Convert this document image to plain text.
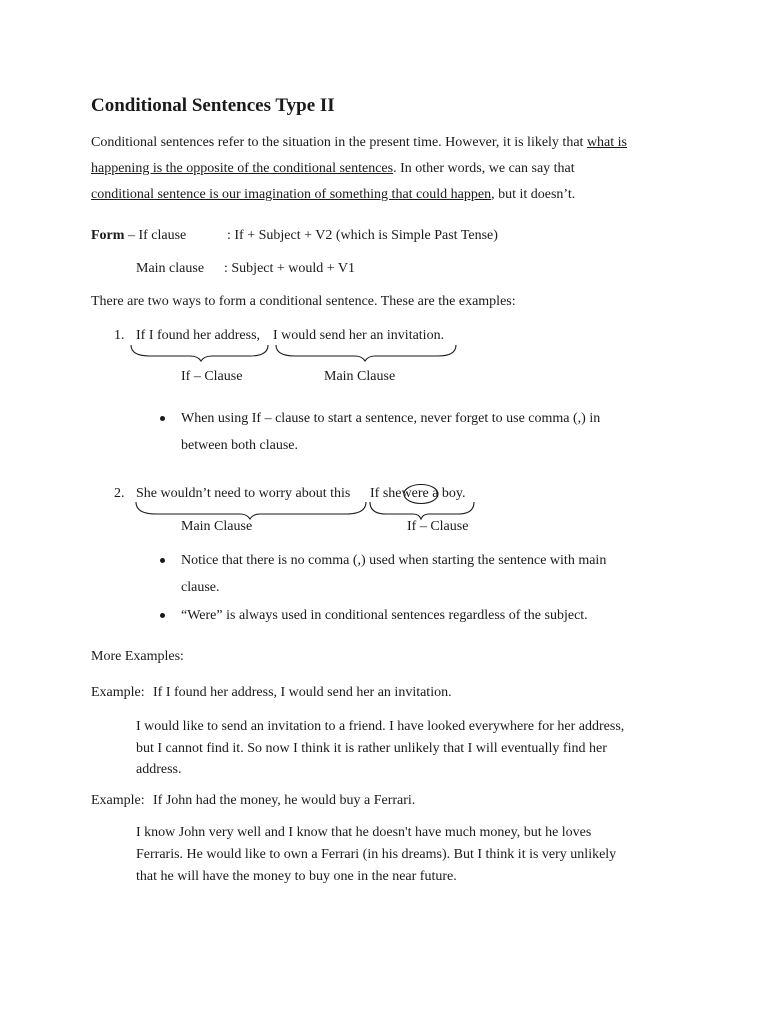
Conditional Sentences Type II
Conditional sentences refer to the situation in the present time. However, it is likely that what is
happening is the opposite of the conditional sentences. In other words, we can say that
conditional sentence is our imagination of something that could happen, but it doesn’t.
Form – If clause	: If + Subject + V2 (which is Simple Past Tense)
Main clause : Subject + would + V1
There are two ways to form a conditional sentence. These are the examples:
1. If I found her address, I would send her an invitation.
If – Clause	Main Clause
When using If – clause to start a sentence, never forget to use comma (,) in
between both clause.
2. She wouldn’t need to worry about this If shewere a boy.
Main Clause	If – Clause
Notice that there is no comma (,) used when starting the sentence with main
clause.
“Were” is always used in conditional sentences regardless of the subject.
More Examples:
Example: If I found her address, I would send her an invitation.
I would like to send an invitation to a friend. I have looked everywhere for her address,
but I cannot find it. So now I think it is rather unlikely that I will eventually find her
address.
Example: If John had the money, he would buy a Ferrari.
I know John very well and I know that he doesn't have much money, but he loves
Ferraris. He would like to own a Ferrari (in his dreams). But I think it is very unlikely
that he will have the money to buy one in the near future.
